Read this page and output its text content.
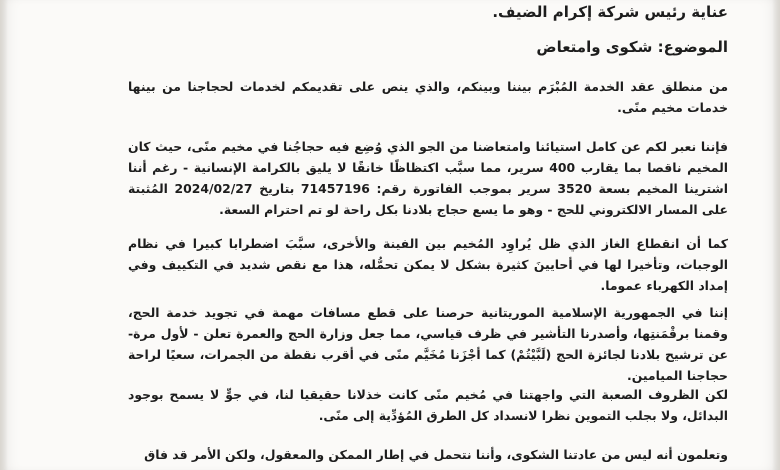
عناية رئيس شركة إكرام الضيف.
الموضوع: شكوى وامتعاض
من منطلق عقد الخدمة المُبْرَم بيننا وبينكم، والذي ينص على تقديمكم لخدمات لحجاجنا من بينها خدمات مخيم منًى.
فإننا نعبر لكم عن كامل استيائنا وامتعاضنا من الجو الذي وُضِع فيه حجاجُنا في مخيم منًى، حيث كان المخيم ناقصا بما يقارب 400 سرير، مما سبَّب اكتظاظًا خانقًا لا يليق بالكرامة الإنسانية - رغم أننا اشترينا المخيم بسعة 3520 سرير بموجب الفاتورة رقم: 71457196 بتاريخ 2024/02/27 المُثبتة على المسار الالكتروني للحج - وهو ما يسع حجاج بلادنا بكل راحة لو تم احترام السعة.
كما أن انقطاع الغاز الذي ظل يُراوِد المُخيم بين الفينة والأخرى، سبَّبَ اضطرابا كبيرا في نظام الوجبات، وتأخيرا لها في أحايينَ كثيرة بشكل لا يمكن تحمُّله، هذا مع نقص شديد في التكييف وفي إمداد الكهرباء عموما.
إننا في الجمهورية الإسلامية الموريتانية حرصنا على قطع مسافات مهمة في تجويد خدمة الحج، وقمنا برقْمَنتِها، وأصدرنا التأشير في ظرف قياسي، مما جعل وزارة الحج والعمرة تعلن - لأول مرة- عن ترشيح بلادنا لجائزة الحج (لَبَّيْتُمْ) كما أجْزَنا مُخَيَّم منًى في أقرب نقطة من الجمرات، سعيًا لراحة حجاجنا الميامين.
لكن الظروف الصعبة التي واجهتنا في مُخيم منًى كانت خذلانا حقيقيا لنا، في جوٍّ لا يسمح بوجود البدائل، ولا بجلب التموين نظرا لانسداد كل الطرق المُؤدِّية إلى منًى.
وتعلمون أنه ليس من عادتنا الشكوى، وأننا نتحمل في إطار الممكن والمعقول، ولكن الأمر قد فاق
